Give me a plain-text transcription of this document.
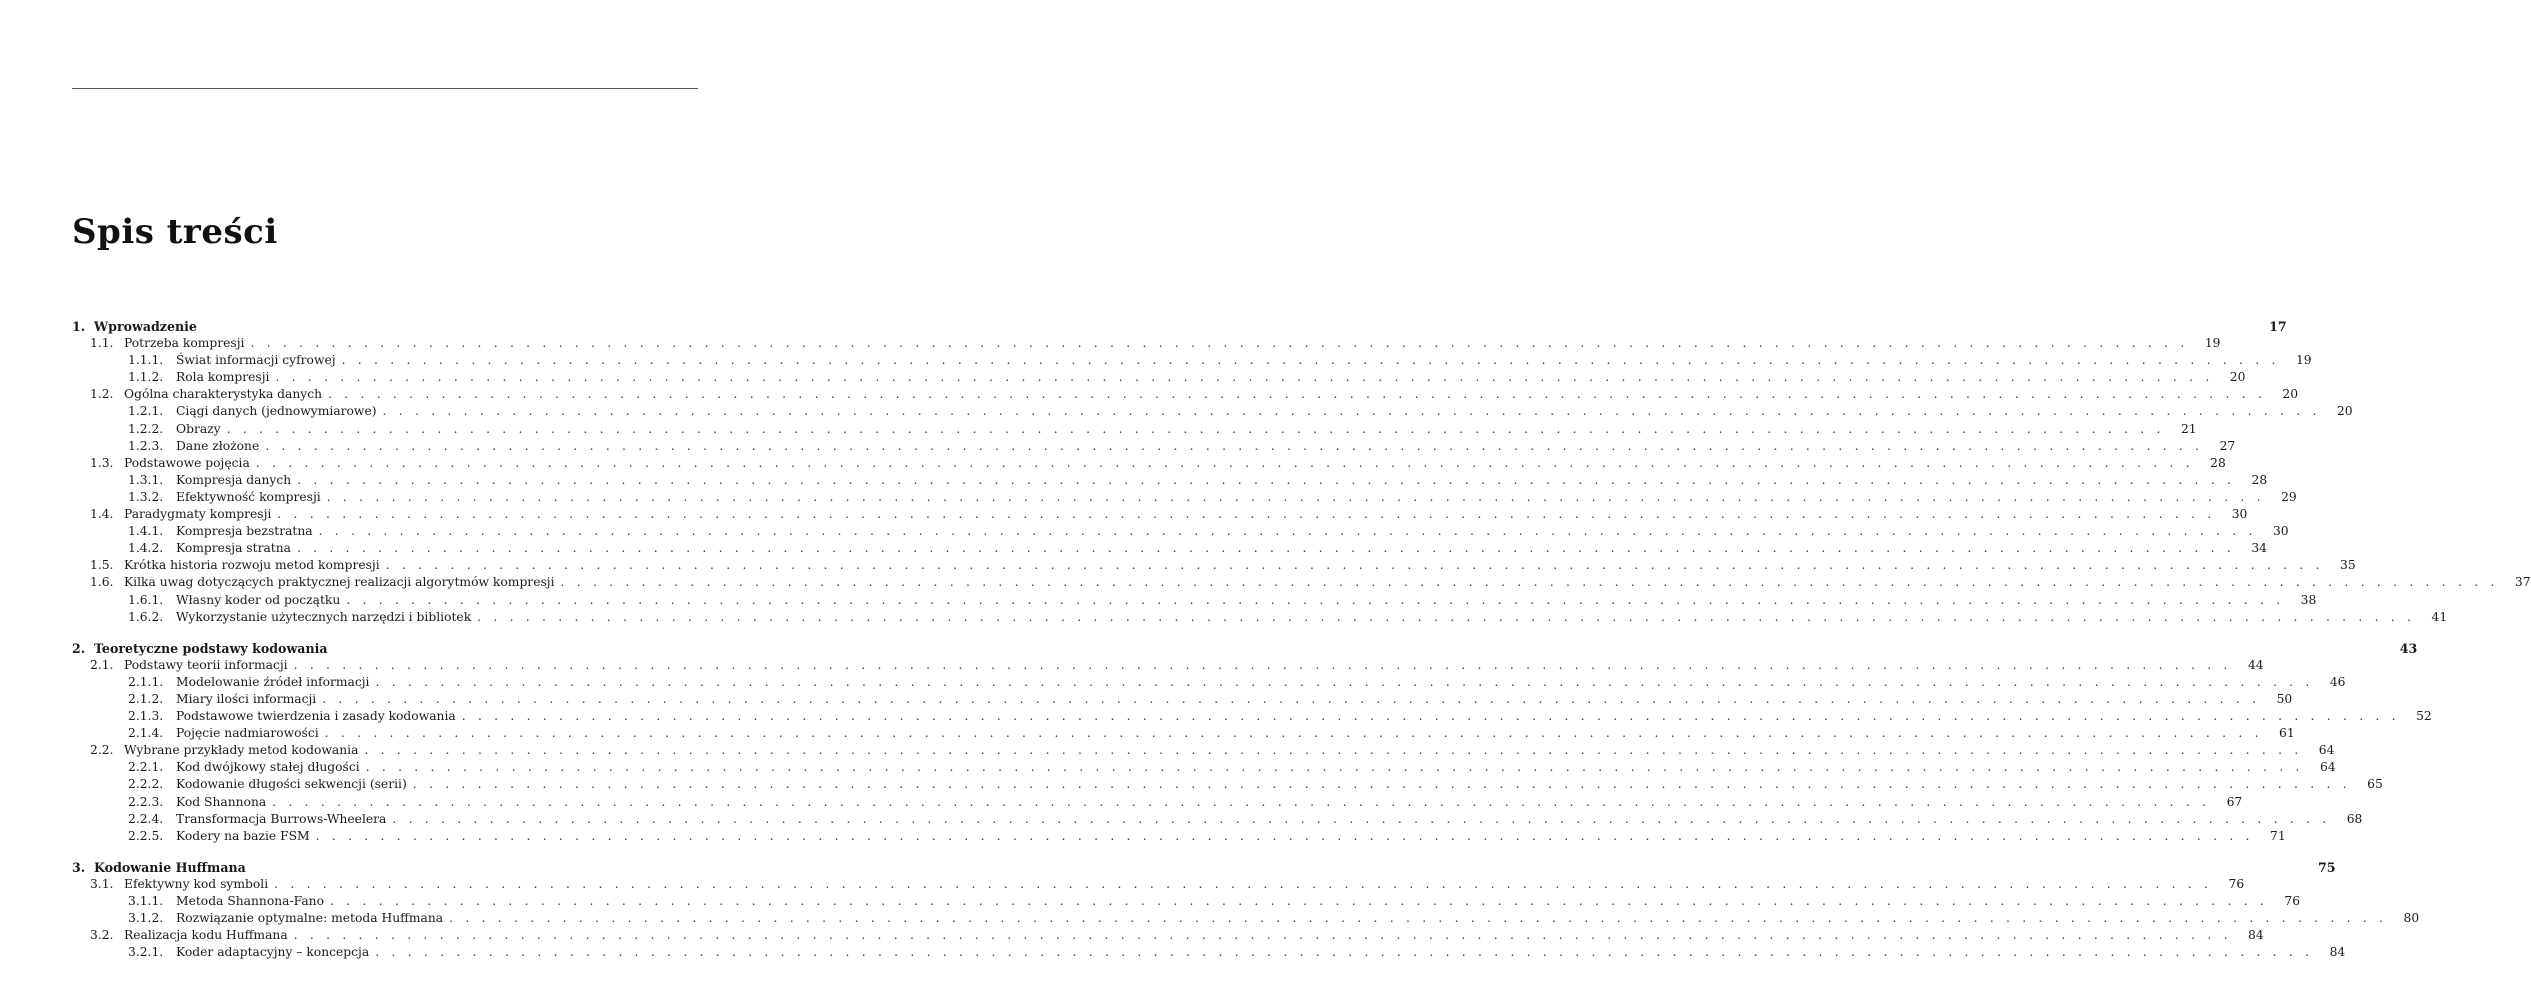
Spis treści
1. Wprowadzenie	17
1.1. Potrzeba kompresji . . . . . . . . . . . . . . . . . . . . . . . . . . . . . . . . . . . . . . . . . . . . . . . . . . . . . . . . . . . . . . . . . . . . . . . . . . . . . . . . . . . . . . . . . . . . . . . . . . . . . . . . . . . . . . . . . . . . . . . .	19
1.1.1.	Świat informacji cyfrowej . . . . . . . . . . . . . . . . . . . . . . . . . . . . . . . . . . . . . . . . . . . . . . . . . . . . . . . . . . . . . . . . . . . . . . . . . . . . . . . . . . . . . . . . . . . . . . . . . . . . . . . . . . . . . . . . . . . . . . . .	19
1.1.2.	Rola kompresji . . . . . . . . . . . . . . . . . . . . . . . . . . . . . . . . . . . . . . . . . . . . . . . . . . . . . . . . . . . . . . . . . . . . . . . . . . . . . . . . . . . . . . . . . . . . . . . . . . . . . . . . . . . . . . . . . . . . . . . .	20
1.2. Ogólna charakterystyka danych . . . . . . . . . . . . . . . . . . . . . . . . . . . . . . . . . . . . . . . . . . . . . . . . . . . . . . . . . . . . . . . . . . . . . . . . . . . . . . . . . . . . . . . . . . . . . . . . . . . . . . . . . . . . . . . . . . . . . . . .	20
1.2.1.	Ciągi danych (jednowymiarowe) . . . . . . . . . . . . . . . . . . . . . . . . . . . . . . . . . . . . . . . . . . . . . . . . . . . . . . . . . . . . . . . . . . . . . . . . . . . . . . . . . . . . . . . . . . . . . . . . . . . . . . . . . . . . . . . . . . . . . . . .	20
1.2.2.	Obrazy . . . . . . . . . . . . . . . . . . . . . . . . . . . . . . . . . . . . . . . . . . . . . . . . . . . . . . . . . . . . . . . . . . . . . . . . . . . . . . . . . . . . . . . . . . . . . . . . . . . . . . . . . . . . . . . . . . . . . . . .	21
1.2.3.	Dane złożone . . . . . . . . . . . . . . . . . . . . . . . . . . . . . . . . . . . . . . . . . . . . . . . . . . . . . . . . . . . . . . . . . . . . . . . . . . . . . . . . . . . . . . . . . . . . . . . . . . . . . . . . . . . . . . . . . . . . . . . .	27
1.3. Podstawowe pojęcia . . . . . . . . . . . . . . . . . . . . . . . . . . . . . . . . . . . . . . . . . . . . . . . . . . . . . . . . . . . . . . . . . . . . . . . . . . . . . . . . . . . . . . . . . . . . . . . . . . . . . . . . . . . . . . . . . . . . . . . .	28
1.3.1.	Kompresja danych . . . . . . . . . . . . . . . . . . . . . . . . . . . . . . . . . . . . . . . . . . . . . . . . . . . . . . . . . . . . . . . . . . . . . . . . . . . . . . . . . . . . . . . . . . . . . . . . . . . . . . . . . . . . . . . . . . . . . . . .	28
1.3.2.	Efektywność kompresji . . . . . . . . . . . . . . . . . . . . . . . . . . . . . . . . . . . . . . . . . . . . . . . . . . . . . . . . . . . . . . . . . . . . . . . . . . . . . . . . . . . . . . . . . . . . . . . . . . . . . . . . . . . . . . . . . . . . . . . .	29
1.4. Paradygmaty kompresji . . . . . . . . . . . . . . . . . . . . . . . . . . . . . . . . . . . . . . . . . . . . . . . . . . . . . . . . . . . . . . . . . . . . . . . . . . . . . . . . . . . . . . . . . . . . . . . . . . . . . . . . . . . . . . . . . . . . . . . .	30
1.4.1.	Kompresja bezstratna . . . . . . . . . . . . . . . . . . . . . . . . . . . . . . . . . . . . . . . . . . . . . . . . . . . . . . . . . . . . . . . . . . . . . . . . . . . . . . . . . . . . . . . . . . . . . . . . . . . . . . . . . . . . . . . . . . . . . . . .	30
1.4.2.	Kompresja stratna . . . . . . . . . . . . . . . . . . . . . . . . . . . . . . . . . . . . . . . . . . . . . . . . . . . . . . . . . . . . . . . . . . . . . . . . . . . . . . . . . . . . . . . . . . . . . . . . . . . . . . . . . . . . . . . . . . . . . . . .	34
1.5. Krótka historia rozwoju metod kompresji . . . . . . . . . . . . . . . . . . . . . . . . . . . . . . . . . . . . . . . . . . . . . . . . . . . . . . . . . . . . . . . . . . . . . . . . . . . . . . . . . . . . . . . . . . . . . . . . . . . . . . . . . . . . . . . . . . . . . . . .	35
1.6. Kilka uwag dotyczących praktycznej realizacji algorytmów kompresji . . . . . . . . . . . . . . . . . . . . . . . . . . . . . . . . . . . . . . . . . . . . . . . . . . . . . . . . . . . . . . . . . . . . . . . . . . . . . . . . . . . . . . . . . . . . . . . . . . . . . . . . . . . . . . . . . . . . . . . .	37
1.6.1.	Własny koder od początku . . . . . . . . . . . . . . . . . . . . . . . . . . . . . . . . . . . . . . . . . . . . . . . . . . . . . . . . . . . . . . . . . . . . . . . . . . . . . . . . . . . . . . . . . . . . . . . . . . . . . . . . . . . . . . . . . . . . . . . .	38
1.6.2.	Wykorzystanie użytecznych narzędzi i bibliotek . . . . . . . . . . . . . . . . . . . . . . . . . . . . . . . . . . . . . . . . . . . . . . . . . . . . . . . . . . . . . . . . . . . . . . . . . . . . . . . . . . . . . . . . . . . . . . . . . . . . . . . . . . . . . . . . . . . . . . . .	41
2. Teoretyczne podstawy kodowania	43
2.1. Podstawy teorii informacji . . . . . . . . . . . . . . . . . . . . . . . . . . . . . . . . . . . . . . . . . . . . . . . . . . . . . . . . . . . . . . . . . . . . . . . . . . . . . . . . . . . . . . . . . . . . . . . . . . . . . . . . . . . . . . . . . . . . . . . .	44
2.1.1.	Modelowanie źródeł informacji . . . . . . . . . . . . . . . . . . . . . . . . . . . . . . . . . . . . . . . . . . . . . . . . . . . . . . . . . . . . . . . . . . . . . . . . . . . . . . . . . . . . . . . . . . . . . . . . . . . . . . . . . . . . . . . . . . . . . . . .	46
2.1.2.	Miary ilości informacji . . . . . . . . . . . . . . . . . . . . . . . . . . . . . . . . . . . . . . . . . . . . . . . . . . . . . . . . . . . . . . . . . . . . . . . . . . . . . . . . . . . . . . . . . . . . . . . . . . . . . . . . . . . . . . . . . . . . . . . .	50
2.1.3.	Podstawowe twierdzenia i zasady kodowania . . . . . . . . . . . . . . . . . . . . . . . . . . . . . . . . . . . . . . . . . . . . . . . . . . . . . . . . . . . . . . . . . . . . . . . . . . . . . . . . . . . . . . . . . . . . . . . . . . . . . . . . . . . . . . . . . . . . . . . .	52
2.1.4.	Pojęcie nadmiarowości . . . . . . . . . . . . . . . . . . . . . . . . . . . . . . . . . . . . . . . . . . . . . . . . . . . . . . . . . . . . . . . . . . . . . . . . . . . . . . . . . . . . . . . . . . . . . . . . . . . . . . . . . . . . . . . . . . . . . . . .	61
2.2. Wybrane przykłady metod kodowania . . . . . . . . . . . . . . . . . . . . . . . . . . . . . . . . . . . . . . . . . . . . . . . . . . . . . . . . . . . . . . . . . . . . . . . . . . . . . . . . . . . . . . . . . . . . . . . . . . . . . . . . . . . . . . . . . . . . . . . .	64
2.2.1.	Kod dwójkowy stałej długości . . . . . . . . . . . . . . . . . . . . . . . . . . . . . . . . . . . . . . . . . . . . . . . . . . . . . . . . . . . . . . . . . . . . . . . . . . . . . . . . . . . . . . . . . . . . . . . . . . . . . . . . . . . . . . . . . . . . . . . .	64
2.2.2.	Kodowanie długości sekwencji (serii) . . . . . . . . . . . . . . . . . . . . . . . . . . . . . . . . . . . . . . . . . . . . . . . . . . . . . . . . . . . . . . . . . . . . . . . . . . . . . . . . . . . . . . . . . . . . . . . . . . . . . . . . . . . . . . . . . . . . . . . .	65
2.2.3.	Kod Shannona . . . . . . . . . . . . . . . . . . . . . . . . . . . . . . . . . . . . . . . . . . . . . . . . . . . . . . . . . . . . . . . . . . . . . . . . . . . . . . . . . . . . . . . . . . . . . . . . . . . . . . . . . . . . . . . . . . . . . . . .	67
2.2.4.	Transformacja Burrows-Wheelera . . . . . . . . . . . . . . . . . . . . . . . . . . . . . . . . . . . . . . . . . . . . . . . . . . . . . . . . . . . . . . . . . . . . . . . . . . . . . . . . . . . . . . . . . . . . . . . . . . . . . . . . . . . . . . . . . . . . . . . .	68
2.2.5.	Kodery na bazie FSM . . . . . . . . . . . . . . . . . . . . . . . . . . . . . . . . . . . . . . . . . . . . . . . . . . . . . . . . . . . . . . . . . . . . . . . . . . . . . . . . . . . . . . . . . . . . . . . . . . . . . . . . . . . . . . . . . . . . . . . .	71
3. Kodowanie Huffmana	75
3.1. Efektywny kod symboli . . . . . . . . . . . . . . . . . . . . . . . . . . . . . . . . . . . . . . . . . . . . . . . . . . . . . . . . . . . . . . . . . . . . . . . . . . . . . . . . . . . . . . . . . . . . . . . . . . . . . . . . . . . . . . . . . . . . . . . .	76
3.1.1.	Metoda Shannona-Fano . . . . . . . . . . . . . . . . . . . . . . . . . . . . . . . . . . . . . . . . . . . . . . . . . . . . . . . . . . . . . . . . . . . . . . . . . . . . . . . . . . . . . . . . . . . . . . . . . . . . . . . . . . . . . . . . . . . . . . . .	76
3.1.2.	Rozwiązanie optymalne: metoda Huffmana . . . . . . . . . . . . . . . . . . . . . . . . . . . . . . . . . . . . . . . . . . . . . . . . . . . . . . . . . . . . . . . . . . . . . . . . . . . . . . . . . . . . . . . . . . . . . . . . . . . . . . . . . . . . . . . . . . . . . . . .	80
3.2. Realizacja kodu Huffmana . . . . . . . . . . . . . . . . . . . . . . . . . . . . . . . . . . . . . . . . . . . . . . . . . . . . . . . . . . . . . . . . . . . . . . . . . . . . . . . . . . . . . . . . . . . . . . . . . . . . . . . . . . . . . . . . . . . . . . . .	84
3.2.1.	Koder adaptacyjny – koncepcja . . . . . . . . . . . . . . . . . . . . . . . . . . . . . . . . . . . . . . . . . . . . . . . . . . . . . . . . . . . . . . . . . . . . . . . . . . . . . . . . . . . . . . . . . . . . . . . . . . . . . . . . . . . . . . . . . . . . . . . .	84
